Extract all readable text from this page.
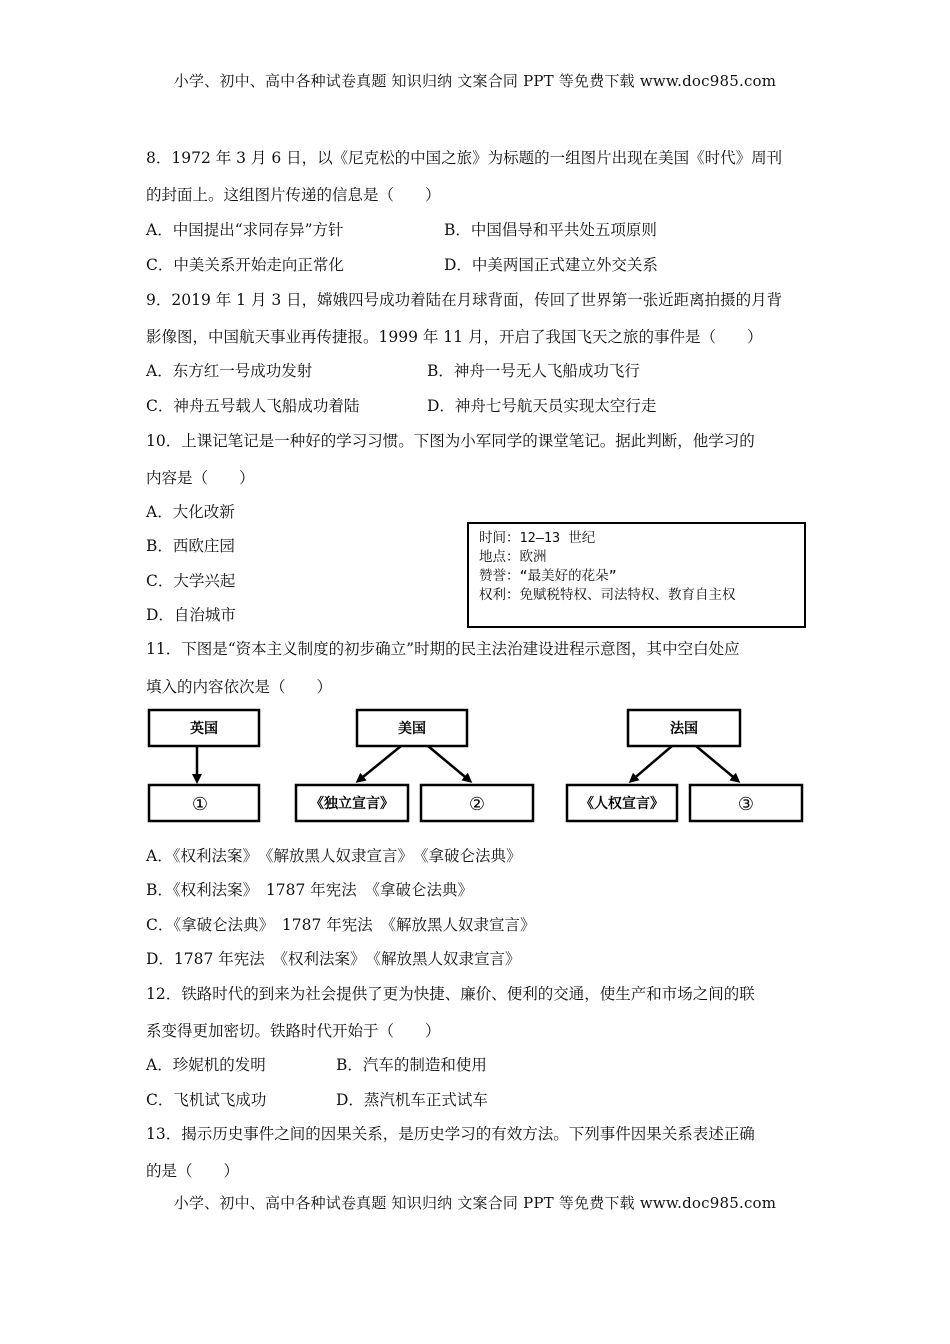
小学、初中、高中各种试卷真题 知识归纳 文案合同 PPT 等免费下载 www.doc985.com
8．1972 年 3 月 6 日，以《尼克松的中国之旅》为标题的一组图片出现在美国《时代》周刊
的封面上。这组图片传递的信息是（　　）
A．中国提出“求同存异”方针	B．中国倡导和平共处五项原则
C．中美关系开始走向正常化	D．中美两国正式建立外交关系
9．2019 年 1 月 3 日，嫦娥四号成功着陆在月球背面，传回了世界第一张近距离拍摄的月背
影像图，中国航天事业再传捷报。1999 年 11 月，开启了我国飞天之旅的事件是（　　）
A．东方红一号成功发射	B．神舟一号无人飞船成功飞行
C．神舟五号载人飞船成功着陆	D．神舟七号航天员实现太空行走
10．上课记笔记是一种好的学习习惯。下图为小军同学的课堂笔记。据此判断，他学习的
内容是（　　）
A．大化改新
B．西欧庄园
C．大学兴起
D．自治城市
时间：12—13 世纪
地点：欧洲
赞誉：“最美好的花朵”
权利：免赋税特权、司法特权、教育自主权
11．下图是“资本主义制度的初步确立”时期的民主法治建设进程示意图，其中空白处应
填入的内容依次是（　　）
英国
①
美国
《独立宣言》	②
法国
《人权宣言》	③
A．《权利法案》　《解放黑人奴隶宣言》　《拿破仑法典》
B．《权利法案》　1787 年宪法　《拿破仑法典》
C．《拿破仑法典》　1787 年宪法　《解放黑人奴隶宣言》
D．1787 年宪法　《权利法案》　《解放黑人奴隶宣言》
12．铁路时代的到来为社会提供了更为快捷、廉价、便利的交通，使生产和市场之间的联
系变得更加密切。铁路时代开始于（　　）
A．珍妮机的发明	B．汽车的制造和使用
C．飞机试飞成功	D．蒸汽机车正式试车
13．揭示历史事件之间的因果关系，是历史学习的有效方法。下列事件因果关系表述正确
的是（　　）
小学、初中、高中各种试卷真题 知识归纳 文案合同 PPT 等免费下载 www.doc985.com
